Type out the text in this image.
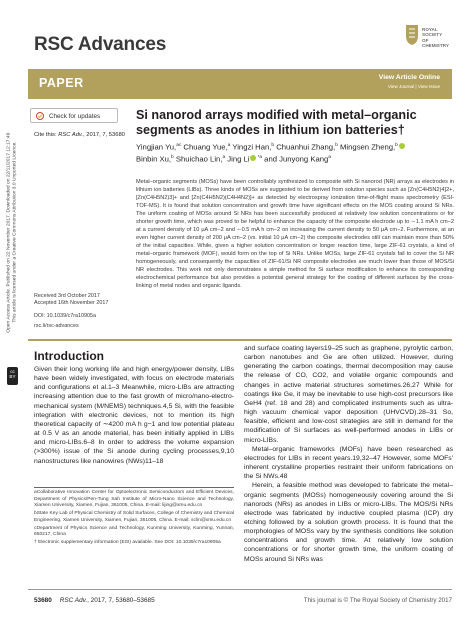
RSC Advances
ROYAL SOCIETY
OF CHEMISTRY
PAPER	View Article Online
View Journal | View Issue
Open Access Article. Published on 22 November 2017. Downloaded on 22/11/2017 12:17:49. This article is licensed under a Creative Commons Attribution 3.0 Unported Licence.
cc BY
Check for updates
Cite this: RSC Adv., 2017, 7, 53680
Si nanorod arrays modified with metal–organic segments as anodes in lithium ion batteries†
Yingjian Yu,$^{ac}$ Chuang Yue,$^a$ Yingzi Han,$^b$ Chuanhui Zhang,$^b$ Mingsen Zheng,$^b$
Binbin Xu,$^b$ Shuichao Lin,$^a$ Jing Li $^{*a}$ and Junyong Kang$^a$
Metal–organic segments (MOSs) have been controllably synthesized to composite with Si nanorod (NR) arrays as electrodes in lithium ion batteries (LIBs). Three kinds of MOSs are suggested to be derived from solution species such as [Zn(C4H5N2)4]2+, [Zn(C4H5N2)3]+ and [Zn(C4H5N2)(C4H4N2)]+ as detected by electrospray ionization time-of-flight mass spectrometry (ESI-TOF-MS). It is found that solution concentration and growth time have significant effects on the MOS coating around Si NRs. The uniform coating of MOSs around Si NRs has been successfully produced at relatively low solution concentrations or for shorter growth time, which was proved to be helpful to enhance the capacity of the composite electrode up to ∼1.1 mA h cm−2 at a current density of 10 μA cm−2 and ∼0.5 mA h cm−2 on increasing the current density to 50 μA cm−2. Furthermore, at an even higher current density of 200 μA cm−2 (vs. initial 10 μA cm−2) the composite electrodes still can maintain more than 50% of the initial capacities. While, given a higher solution concentration or longer reaction time, large ZIF-61 crystals, a kind of metal–organic framework (MOF), would form on the top of Si NRs. Unlike MOSs, large ZIF-61 crystals fail to cover the Si NR homogeneously, and consequently the capacities of ZIF-61/Si NR composite electrodes are much lower than those of MOS/Si NR electrodes. This work not only demonstrates a simple method for Si surface modification to enhance its corresponding electrochemical performance but also provides a potential general strategy for the coating of different surfaces by the cross-linking of metal nodes and organic ligands.
Received 3rd October 2017
Accepted 16th November 2017
DOI: 10.1039/c7ra10905a
rsc.li/rsc-advances
Introduction
Given their long working life and high energy/power density, LIBs have been widely investigated, with focus on electrode materials and configurations et al.1–3 Meanwhile, micro-LIBs are attracting increasing attention due to the fast growth of micro/nano-electro-mechanical system (M/NEMS) techniques.4,5 Si, with the feasible integration with electronic devices, not to mention its high theoretical capacity of ∼4200 mA h g−1 and low potential plateau at 0.5 V as an anode material, has been initially applied in LIBs and micro-LIBs.6–8 In order to address the volume expansion (>300%) issue of the Si anode during cycling processes,9,10 nanostructures like nanowires (NWs)11–18

and surface coating layers19–25 such as graphene, pyrolytic carbon, carbon nanotubes and Ge are often utilized. However, during generating the carbon coatings, thermal decomposition may cause the release of CO, CO2, and volatile organic compounds and changes in active material structures sometimes.26,27 While for coatings like Ge, it may be inevitable to use high-cost precursors like GeH4 (ref. 18 and 28) and complicated instruments such as ultra-high vacuum chemical vapor deposition (UHVCVD).28–31 So, feasible, efficient and low-cost strategies are still in demand for the modification of Si surfaces as well-performed anodes in LIBs or micro-LIBs.

Metal–organic frameworks (MOFs) have been researched as electrodes for LIBs in recent years.19,32–47 However, some MOFs' inherent crystalline properties restraint their uniform fabrications on the Si NWs.48

Herein, a feasible method was developed to fabricate the metal–organic segments (MOSs) homogeneously covering around the Si nanorods (NRs) as anodes in LIBs or micro-LIBs. The MOS/Si NRs electrode was fabricated by inductive coupled plasma (ICP) dry etching followed by a solution growth process. It is found that the morphologies of MOSs vary by the synthesis conditions like solution concentrations and growth time. At relatively low solution concentrations or for shorter growth time, the uniform coating of MOSs around Si NRs was

aCollaborative Innovation Center for Optoelectronic Semiconductors and Efficient Devices, Department of Physics/Pen-Tung Sah Institute of Micro-Nano Science and Technology, Xiamen University, Xiamen, Fujian, 361005, China. E-mail: lijing@xmu.edu.cn

bState Key Lab of Physical Chemistry of Solid Surfaces, College of Chemistry and Chemical Engineering, Xiamen University, Xiamen, Fujian, 361005, China. E-mail: sclin@xmu.edu.cn

cDepartment of Physics Science and Technology, Kunming University, Kunming, Yunnan, 650217, China

† Electronic supplementary information (ESI) available. See DOI: 10.1039/c7ra10905a

53680 RSC Adv., 2017, 7, 53680–53685	This journal is © The Royal Society of Chemistry 2017
